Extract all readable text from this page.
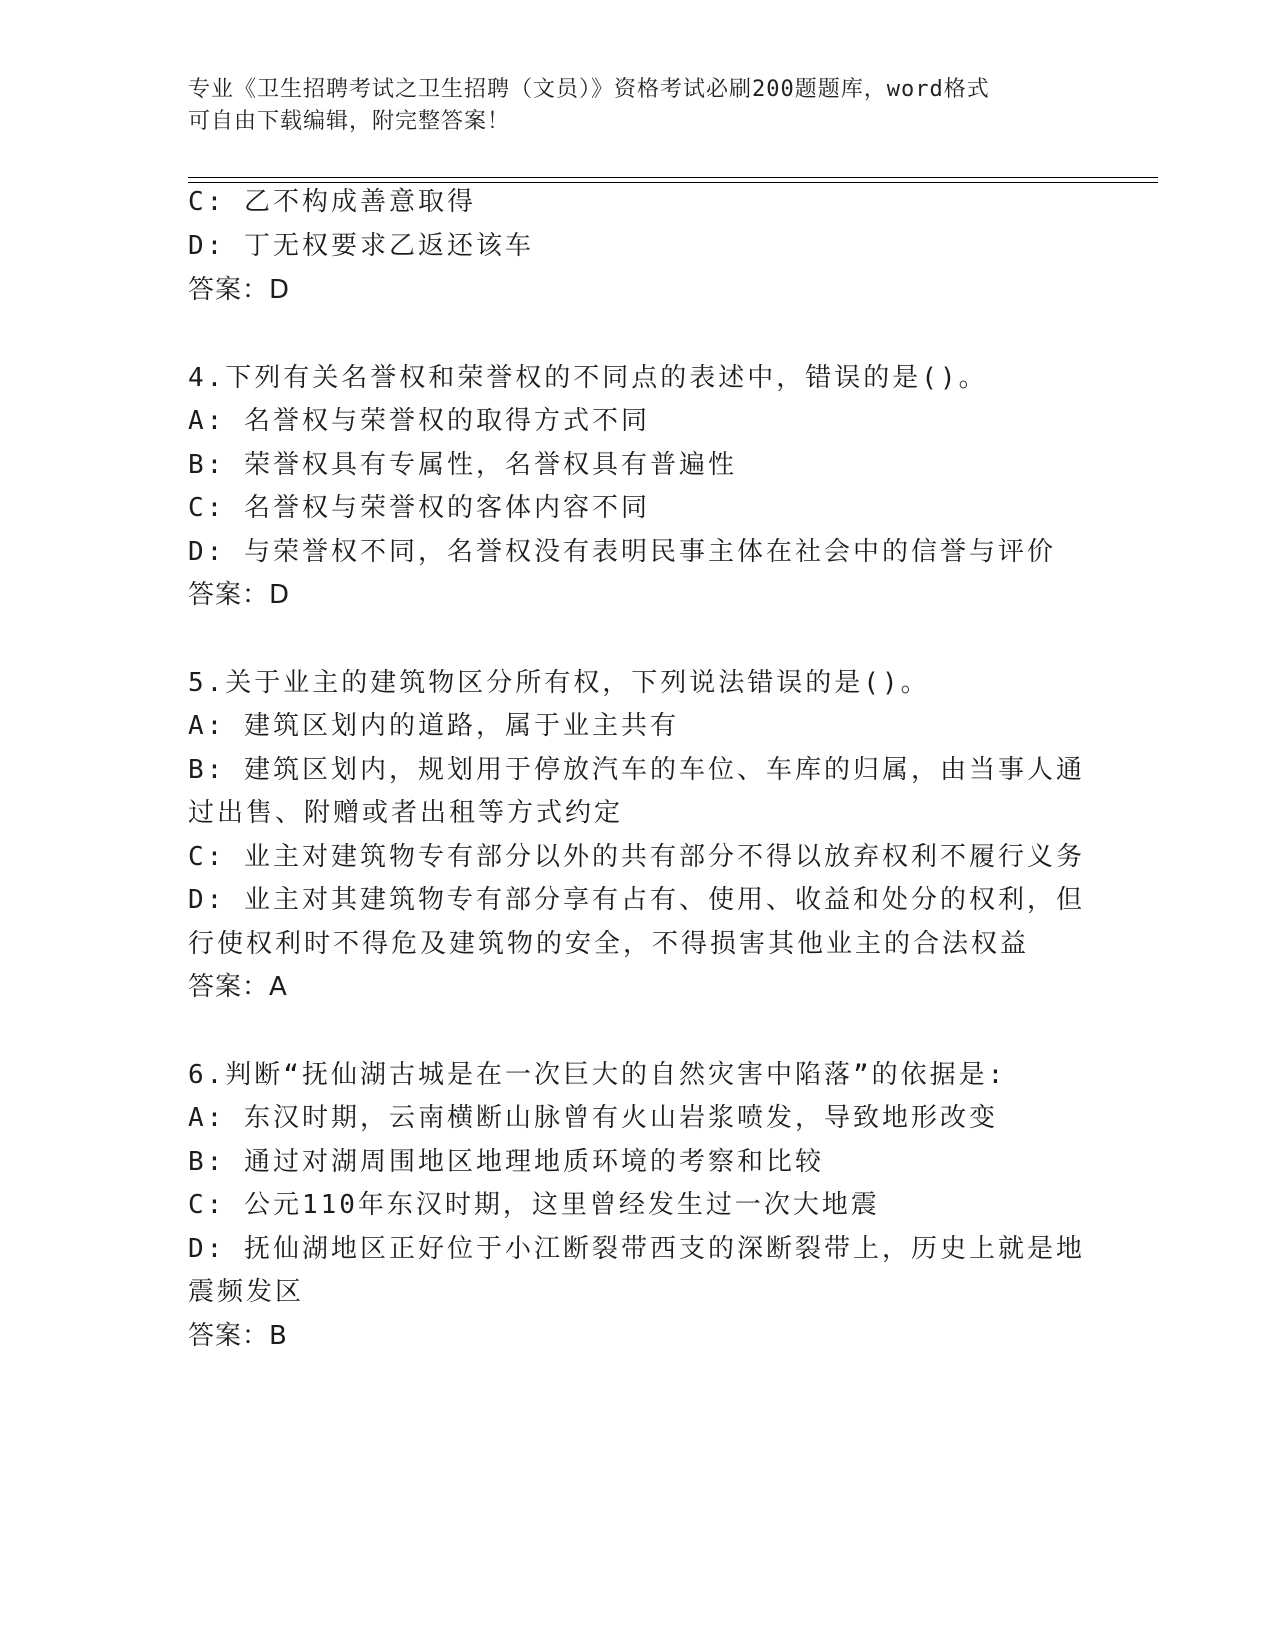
专业《卫生招聘考试之卫生招聘（文员）》资格考试必刷200题题库，word格式
可自由下载编辑，附完整答案！
C: 乙不构成善意取得
D: 丁无权要求乙返还该车
答案：D
4.下列有关名誉权和荣誉权的不同点的表述中，错误的是()。
A: 名誉权与荣誉权的取得方式不同
B: 荣誉权具有专属性，名誉权具有普遍性
C: 名誉权与荣誉权的客体内容不同
D: 与荣誉权不同，名誉权没有表明民事主体在社会中的信誉与评价
答案：D
5.关于业主的建筑物区分所有权，下列说法错误的是()。
A: 建筑区划内的道路，属于业主共有
B: 建筑区划内，规划用于停放汽车的车位、车库的归属，由当事人通
过出售、附赠或者出租等方式约定
C: 业主对建筑物专有部分以外的共有部分不得以放弃权利不履行义务
D: 业主对其建筑物专有部分享有占有、使用、收益和处分的权利，但
行使权利时不得危及建筑物的安全，不得损害其他业主的合法权益
答案：A
6.判断“抚仙湖古城是在一次巨大的自然灾害中陷落”的依据是:
A: 东汉时期，云南横断山脉曾有火山岩浆喷发，导致地形改变
B: 通过对湖周围地区地理地质环境的考察和比较
C: 公元110年东汉时期，这里曾经发生过一次大地震
D: 抚仙湖地区正好位于小江断裂带西支的深断裂带上，历史上就是地
震频发区
答案：B
